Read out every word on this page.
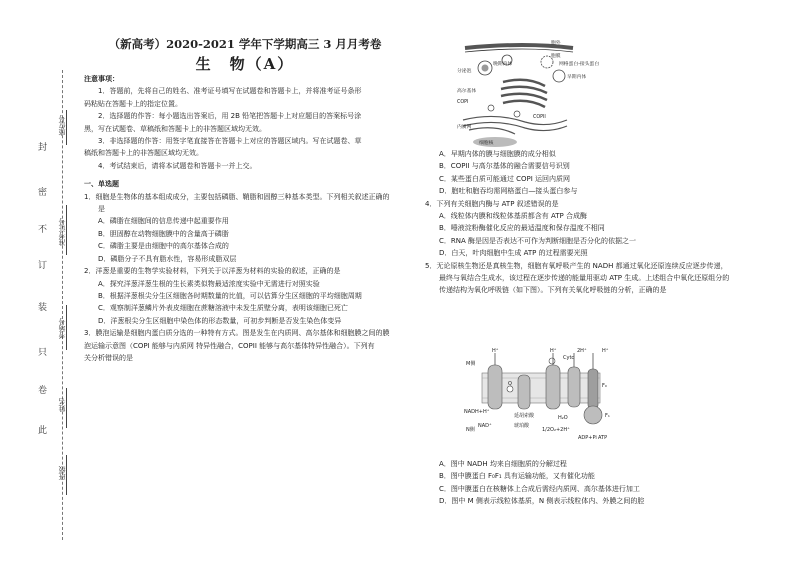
封
密
不
订
装
只
卷
此
座位号
准考证号
考场号
姓名
班级
（新高考）2020-2021 学年下学期高三 3 月月考卷
生　物（A）

注意事项：

1．答题前，先将自己的姓名、准考证号填写在试题卷和答题卡上，并将准考证号条形

码粘贴在答题卡上的指定位置。

2．选择题的作答：每小题选出答案后，用 2B 铅笔把答题卡上对应题目的答案标号涂

黑，写在试题卷、草稿纸和答题卡上的非答题区域均无效。

3．非选择题的作答：用签字笔直接答在答题卡上对应的答题区域内。写在试题卷、草

稿纸和答题卡上的非答题区域均无效。

4．考试结束后，请将本试题卷和答题卡一并上交。

一、单选题

1．细胞是生物体的基本组成成分，主要包括磷脂、鞘脂和固醇三种基本类型。下列相关叙述正确的

是

A．磷脂在细胞间的信息传递中起重要作用

B．胆固醇在动物细胞膜中的含量高于磷脂

C．磷脂主要是由细胞中的高尔基体合成的

D．磷脂分子不具有脂水性，容易形成脂双层

2．洋葱是重要的生物学实验材料，下列关于以洋葱为材料的实验的叙述，正确的是

A．探究洋葱洋葱生根的生长素类似物最适浓度实验中无需进行对照实验

B．根据洋葱根尖分生区细胞各时期数量的比值，可以估算分生区细胞的平均细胞周期

C．观察制洋葱鳞片外表皮细胞在蔗糖溶液中未发生质壁分离，表明该细胞已死亡

D．洋葱根尖分生区细胞中染色体的形态数量，可初步判断是否发生染色体变异

3．膜泡运输是细胞内蛋白质分选的一种特有方式。图是发生在内质网、高尔基体和细胞膜之间的膜

泡运输示意图（COPI 能够与内质网 特异性融合，COPII 能够与高尔基体特异性融合）。下列有

关分析错误的是

胞外
胞膜
网格蛋白-接头蛋白
早期内体
晚期内体
分泌泡
高尔基体
COPI
内质网
细胞核
COPII

A．早期内体的膜与细胞膜的成分相似

B．COPII 与高尔基体的融合需要信号识别

C．某些蛋白质可能通过 COPI 运回内质网

D．胞吐和胞吞均需网格蛋白—接头蛋白参与

4．下列有关细胞内酶与 ATP 叙述错误的是

A．线粒体内膜和线粒体基质都含有 ATP 合成酶

B．唾液淀粉酶催化反应的最适温度和保存温度不相同

C．RNA 酶是因是否表达不可作为判断细胞是否分化的依据之一

D．白天，叶肉细胞中生成 ATP 的过程需要光照

5．无论原核生物还是真核生物，细胞有氧呼吸产生的 NADH 都通过氧化还原连续反应逐步传递，

最终与氧结合生成水，该过程在逐步传递的能量用驱动 ATP 生成。上述组合中氧化还原组分的

传递结构为氧化呼吸链（如下图）。下列有关氧化呼吸链的分析，正确的是

M侧
N侧
NADH+H⁺
NAD⁺
延胡索酸
琥珀酸
Cytc
2H⁺
H⁺	H⁺	H⁺
Q
H₂O
1/2O₂+2H⁺
F₀
F₁
ADP+Pi ATP

A．图中 NADH 均来自细胞质的分解过程

B．图中膜蛋白 F₀F₁ 具有运输功能，又有催化功能

C．图中膜蛋白在核糖体上合成后需经内质网、高尔基体进行加工

D．图中 M 侧表示线粒体基质，N 侧表示线粒体内、外膜之间的腔
